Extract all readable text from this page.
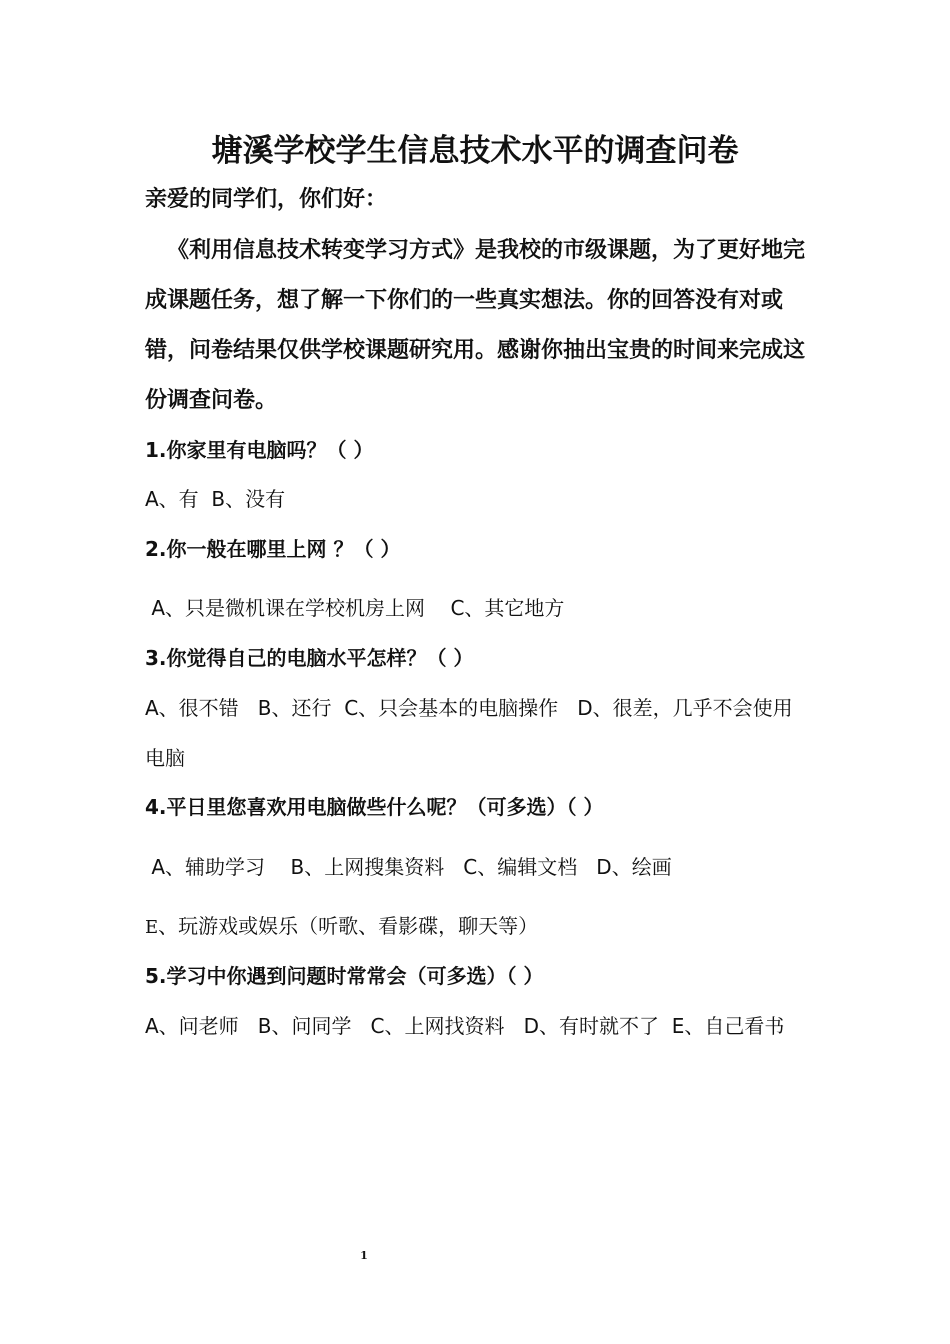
塘溪学校学生信息技术水平的调查问卷
亲爱的同学们，你们好：
《利用信息技术转变学习方式》是我校的市级课题，为了更好地完成课题任务，想了解一下你们的一些真实想法。你的回答没有对或错，问卷结果仅供学校课题研究用。感谢你抽出宝贵的时间来完成这份调查问卷。
1.你家里有电脑吗？（ ）
A、有  B、没有
2.你一般在哪里上网 ？（ ）
A、只是微机课在学校机房上网    C、其它地方
3.你觉得自己的电脑水平怎样？（ ）
A、很不错   B、还行  C、只会基本的电脑操作   D、很差，几乎不会使用电脑
4.平日里您喜欢用电脑做些什么呢？（可多选）（ ）
A、辅助学习    B、上网搜集资料   C、编辑文档   D、绘画
E、玩游戏或娱乐（听歌、看影碟，聊天等）
5.学习中你遇到问题时常常会（可多选）（ ）
A、问老师   B、问同学   C、上网找资料   D、有时就不了  E、自己看书
1
